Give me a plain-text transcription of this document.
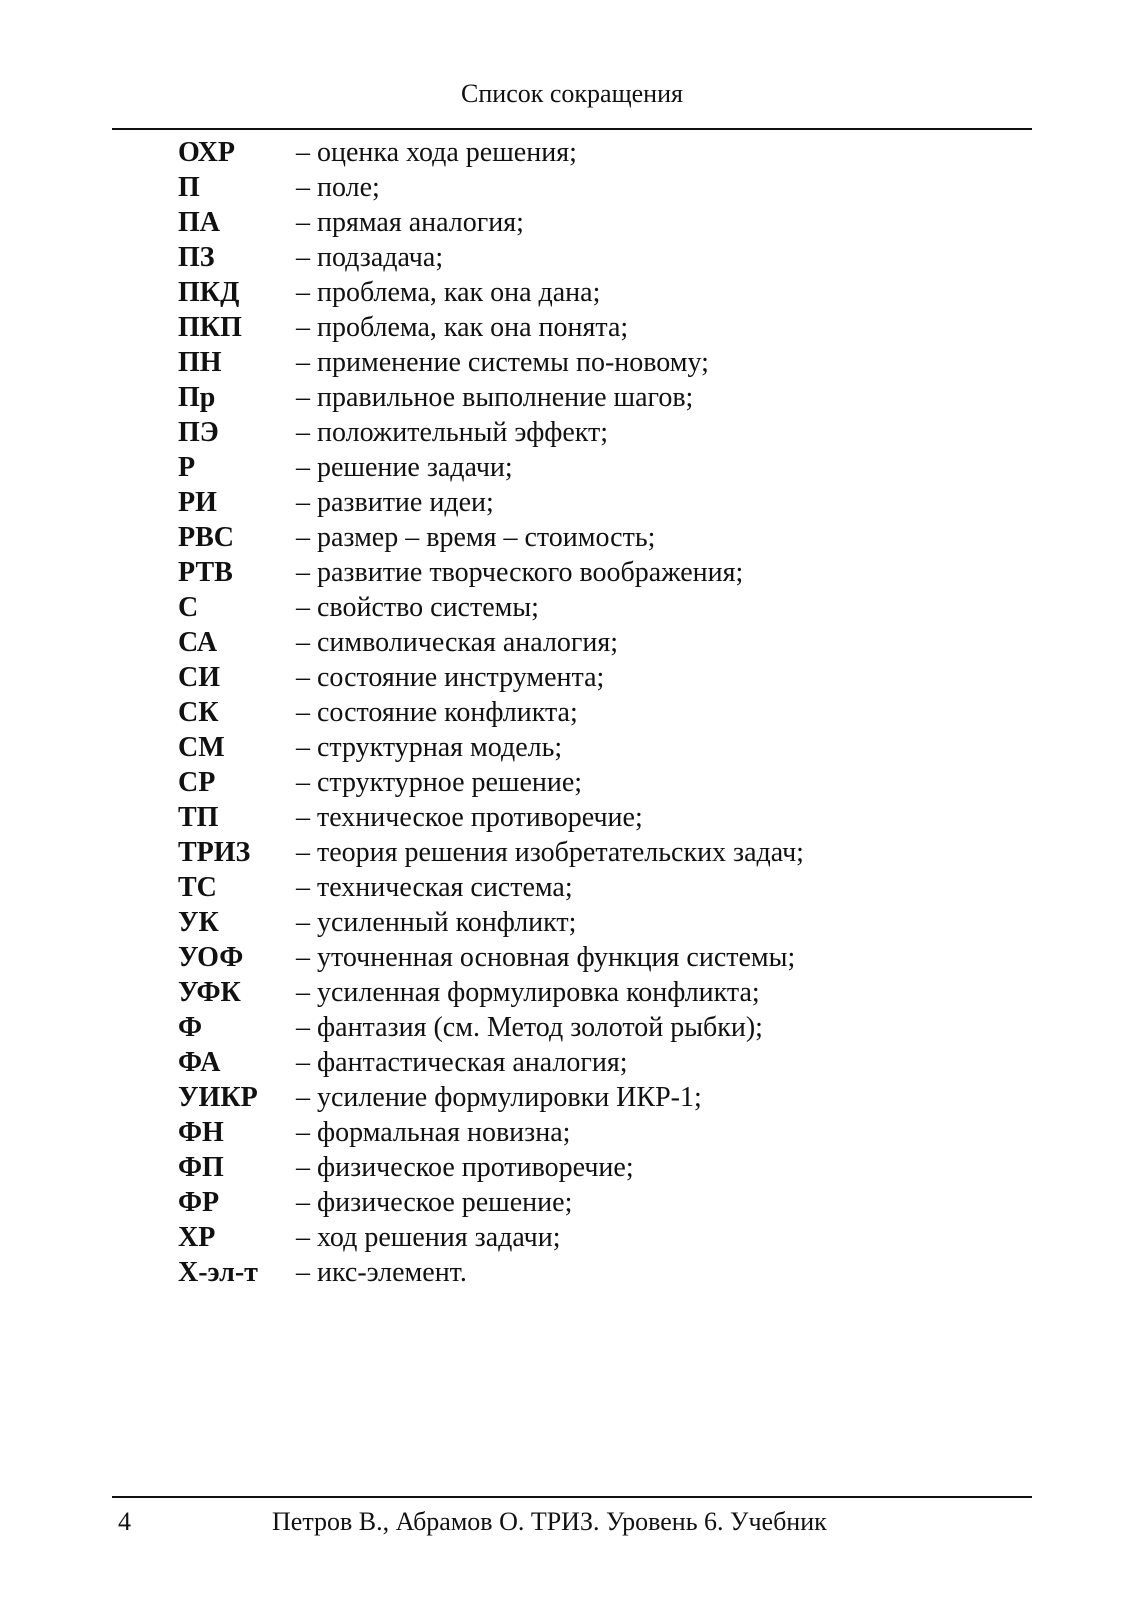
Список сокращения
ОХР – оценка хода решения;
П	– поле;
ПА	– прямая аналогия;
ПЗ	– подзадача;
ПКД – проблема, как она дана;
ПКП – проблема, как она понята;
ПН	– применение системы по-новому;
Пр	– правильное выполнение шагов;
ПЭ	– положительный эффект;
Р	– решение задачи;
РИ	– развитие идеи;
РВС – размер – время – стоимость;
РТВ – развитие творческого воображения;
С	– свойство системы;
СА	– символическая аналогия;
СИ	– состояние инструмента;
СК	– состояние конфликта;
СМ	– структурная модель;
СР	– структурное решение;
ТП	– техническое противоречие;
ТРИЗ – теория решения изобретательских задач;
ТС	– техническая система;
УК	– усиленный конфликт;
УОФ – уточненная основная функция системы;
УФК – усиленная формулировка конфликта;
Ф	– фантазия (см. Метод золотой рыбки);
ФА	– фантастическая аналогия;
УИКР – усиление формулировки ИКР-1;
ФН	– формальная новизна;
ФП	– физическое противоречие;
ФР	– физическое решение;
ХР	– ход решения задачи;
Х-эл-т – икс-элемент.
4	Петров В., Абрамов О. ТРИЗ. Уровень 6. Учебник
